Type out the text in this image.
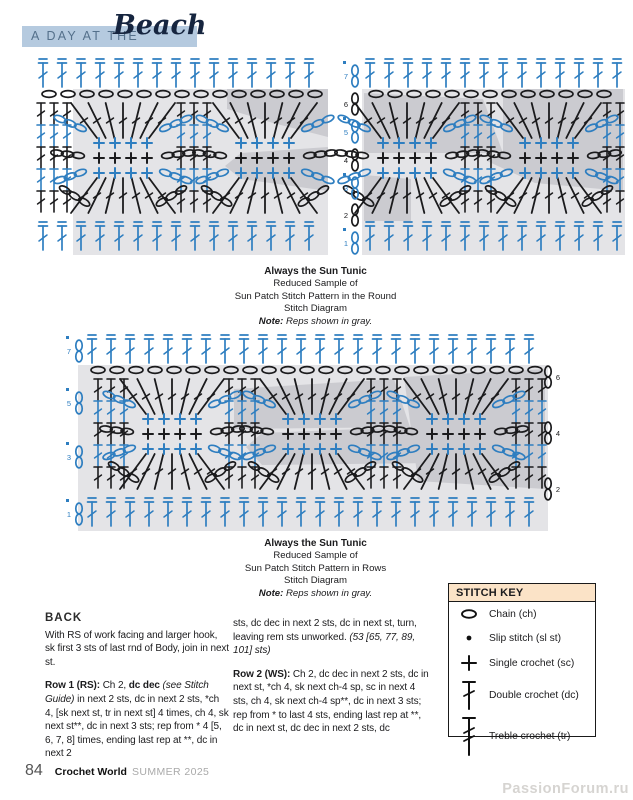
A DAY AT THE
Beach
7
6
5
4
3
2
1
Always the Sun Tunic
Reduced Sample of
Sun Patch Stitch Pattern in the Round
Stitch Diagram
Note: Reps shown in gray.
7
5
3
1
6
4
2
Always the Sun Tunic
Reduced Sample of
Sun Patch Stitch Pattern in Rows
Stitch Diagram
Note: Reps shown in gray.
BACK

With RS of work facing and larger hook, sk first 3 sts of last rnd of Body, join in next st.

Row 1 (RS): Ch 2, dc dec (see Stitch Guide) in next 2 sts, dc in next 2 sts, *ch 4, [sk next st, tr in next st] 4 times, ch 4, sk next st**, dc in next 3 sts; rep from * 4 [5, 6, 7, 8] times, ending last rep at **, dc in next 2

sts, dc dec in next 2 sts, dc in next st, turn, leaving rem sts unworked. (53 [65, 77, 89, 101] sts)

Row 2 (WS): Ch 2, dc dec in next 2 sts, dc in next st, *ch 4, sk next ch-4 sp, sc in next 4 sts, ch 4, sk next ch-4 sp**, dc in next 3 sts; rep from * to last 4 sts, ending last rep at **, dc in next st, dc dec in next 2 sts, dc

STITCH KEY
Chain (ch)
Slip stitch (sl st)
Single crochet (sc)
Double crochet (dc)
Treble crochet (tr)
84 Crochet World SUMMER 2025
PassionForum.ru
